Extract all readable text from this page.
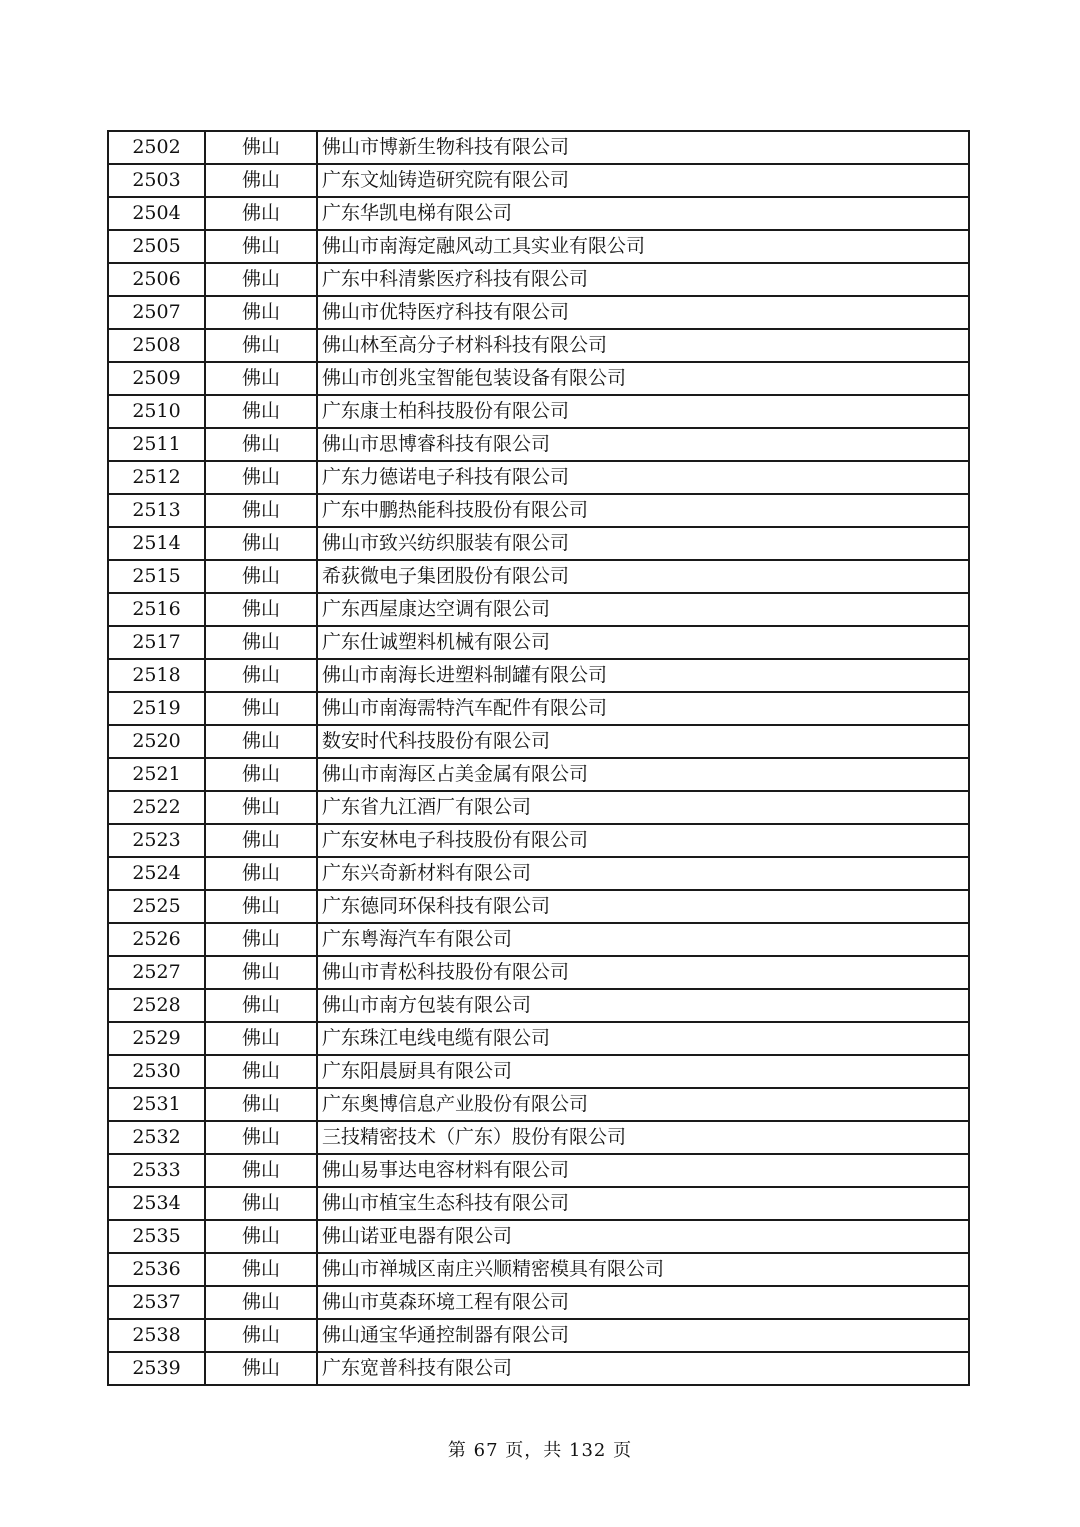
2502	佛山	佛山市博新生物科技有限公司
2503	佛山	广东文灿铸造研究院有限公司
2504	佛山	广东华凯电梯有限公司
2505	佛山	佛山市南海定融风动工具实业有限公司
2506	佛山	广东中科清紫医疗科技有限公司
2507	佛山	佛山市优特医疗科技有限公司
2508	佛山	佛山林至高分子材料科技有限公司
2509	佛山	佛山市创兆宝智能包装设备有限公司
2510	佛山	广东康士柏科技股份有限公司
2511	佛山	佛山市思博睿科技有限公司
2512	佛山	广东力德诺电子科技有限公司
2513	佛山	广东中鹏热能科技股份有限公司
2514	佛山	佛山市致兴纺织服装有限公司
2515	佛山	希荻微电子集团股份有限公司
2516	佛山	广东西屋康达空调有限公司
2517	佛山	广东仕诚塑料机械有限公司
2518	佛山	佛山市南海长进塑料制罐有限公司
2519	佛山	佛山市南海需特汽车配件有限公司
2520	佛山	数安时代科技股份有限公司
2521	佛山	佛山市南海区占美金属有限公司
2522	佛山	广东省九江酒厂有限公司
2523	佛山	广东安林电子科技股份有限公司
2524	佛山	广东兴奇新材料有限公司
2525	佛山	广东德同环保科技有限公司
2526	佛山	广东粤海汽车有限公司
2527	佛山	佛山市青松科技股份有限公司
2528	佛山	佛山市南方包装有限公司
2529	佛山	广东珠江电线电缆有限公司
2530	佛山	广东阳晨厨具有限公司
2531	佛山	广东奥博信息产业股份有限公司
2532	佛山	三技精密技术（广东）股份有限公司
2533	佛山	佛山易事达电容材料有限公司
2534	佛山	佛山市植宝生态科技有限公司
2535	佛山	佛山诺亚电器有限公司
2536	佛山	佛山市禅城区南庄兴顺精密模具有限公司
2537	佛山	佛山市莫森环境工程有限公司
2538	佛山	佛山通宝华通控制器有限公司
2539	佛山	广东宽普科技有限公司
第 67 页，共 132 页
